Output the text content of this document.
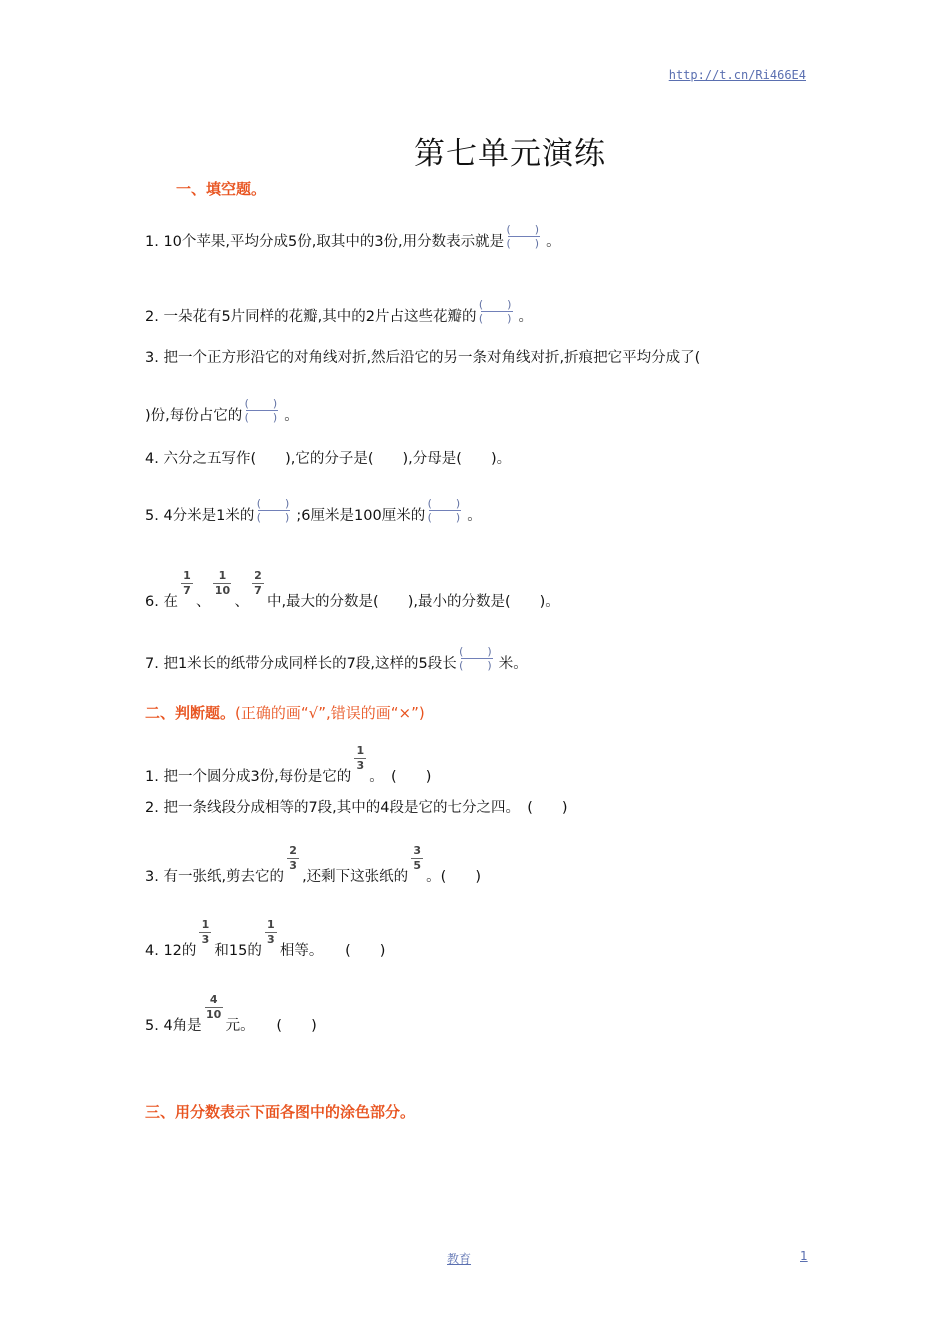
http://t.cn/Ri466E4
第七单元演练
一、填空题。
1. 10个苹果,平均分成5份,取其中的3份,用分数表示就是
(　　)
(　　) 。
2. 一朵花有5片同样的花瓣,其中的2片占这些花瓣的
(　　)
(　　) 。
3. 把一个正方形沿它的对角线对折,然后沿它的另一条对角线对折,折痕把它平均分成了(
)份,每份占它的
(　　)
(　　) 。
4. 六分之五写作(　　),它的分子是(　　),分母是(　　)。
5. 4分米是1米的
(　　)
(　　) ;6厘米是100厘米的
(　　)
(　　) 。
6. 在 $\frac{1}{7}$ 、 $\frac{1}{10}$ 、 $\frac{2}{7}$ 中,最大的分数是(　　),最小的分数是(　　)。
7. 把1米长的纸带分成同样长的7段,这样的5段长
(　　)
(　　) 米。
二、判断题。(正确的画“√”,错误的画“×”)
1. 把一个圆分成3份,每份是它的 $\frac{1}{3}$ 。　(　　)
2. 把一条线段分成相等的7段,其中的4段是它的七分之四。　(　　)
3. 有一张纸,剪去它的 $\frac{2}{3}$ ,还剩下这张纸的 $\frac{3}{5}$ 。(　　)
4. 12的 $\frac{1}{3}$ 和15的 $\frac{1}{3}$ 相等。　　(　　)
5. 4角是 $\frac{4}{10}$ 元。　　(　　)
三、用分数表示下面各图中的涂色部分。
教育	1
